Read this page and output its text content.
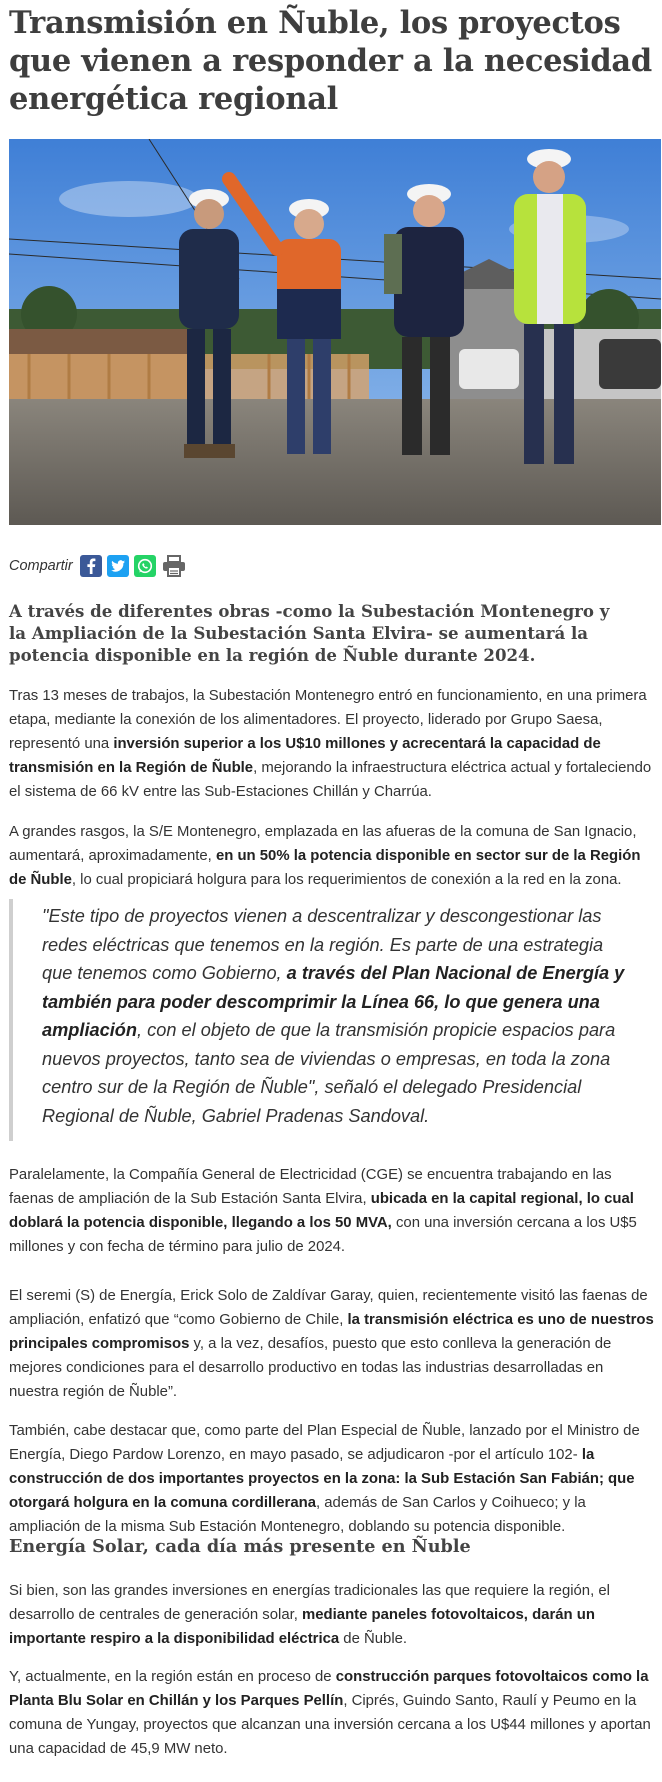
Transmisión en Ñuble, los proyectos que vienen a responder a la necesidad energética regional
Compartir

A través de diferentes obras -como la Subestación Montenegro y la Ampliación de la Subestación Santa Elvira- se aumentará la potencia disponible en la región de Ñuble durante 2024.

Tras 13 meses de trabajos, la Subestación Montenegro entró en funcionamiento, en una primera etapa, mediante la conexión de los alimentadores. El proyecto, liderado por Grupo Saesa, representó una inversión superior a los U$10 millones y acrecentará la capacidad de transmisión en la Región de Ñuble, mejorando la infraestructura eléctrica actual y fortaleciendo el sistema de 66 kV entre las Sub-Estaciones Chillán y Charrúa.

A grandes rasgos, la S/E Montenegro, emplazada en las afueras de la comuna de San Ignacio, aumentará, aproximadamente, en un 50% la potencia disponible en sector sur de la Región de Ñuble, lo cual propiciará holgura para los requerimientos de conexión a la red en la zona.

"Este tipo de proyectos vienen a descentralizar y descongestionar las redes eléctricas que tenemos en la región. Es parte de una estrategia que tenemos como Gobierno, a través del Plan Nacional de Energía y también para poder descomprimir la Línea 66, lo que genera una ampliación, con el objeto de que la transmisión propicie espacios para nuevos proyectos, tanto sea de viviendas o empresas, en toda la zona centro sur de la Región de Ñuble", señaló el delegado Presidencial Regional de Ñuble, Gabriel Pradenas Sandoval.

Paralelamente, la Compañía General de Electricidad (CGE) se encuentra trabajando en las faenas de ampliación de la Sub Estación Santa Elvira, ubicada en la capital regional, lo cual doblará la potencia disponible, llegando a los 50 MVA, con una inversión cercana a los U$5 millones y con fecha de término para julio de 2024.

El seremi (S) de Energía, Erick Solo de Zaldívar Garay, quien, recientemente visitó las faenas de ampliación, enfatizó que “como Gobierno de Chile, la transmisión eléctrica es uno de nuestros principales compromisos y, a la vez, desafíos, puesto que esto conlleva la generación de mejores condiciones para el desarrollo productivo en todas las industrias desarrolladas en nuestra región de Ñuble”.

También, cabe destacar que, como parte del Plan Especial de Ñuble, lanzado por el Ministro de Energía, Diego Pardow Lorenzo, en mayo pasado, se adjudicaron -por el artículo 102- la construcción de dos importantes proyectos en la zona: la Sub Estación San Fabián; que otorgará holgura en la comuna cordillerana, además de San Carlos y Coihueco; y la ampliación de la misma Sub Estación Montenegro, doblando su potencia disponible.

Energía Solar, cada día más presente en Ñuble

Si bien, son las grandes inversiones en energías tradicionales las que requiere la región, el desarrollo de centrales de generación solar, mediante paneles fotovoltaicos, darán un importante respiro a la disponibilidad eléctrica de Ñuble.

Y, actualmente, en la región están en proceso de construcción parques fotovoltaicos como la Planta Blu Solar en Chillán y los Parques Pellín, Ciprés, Guindo Santo, Raulí y Peumo en la comuna de Yungay, proyectos que alcanzan una inversión cercana a los U$44 millones y aportan una capacidad de 45,9 MW neto.
